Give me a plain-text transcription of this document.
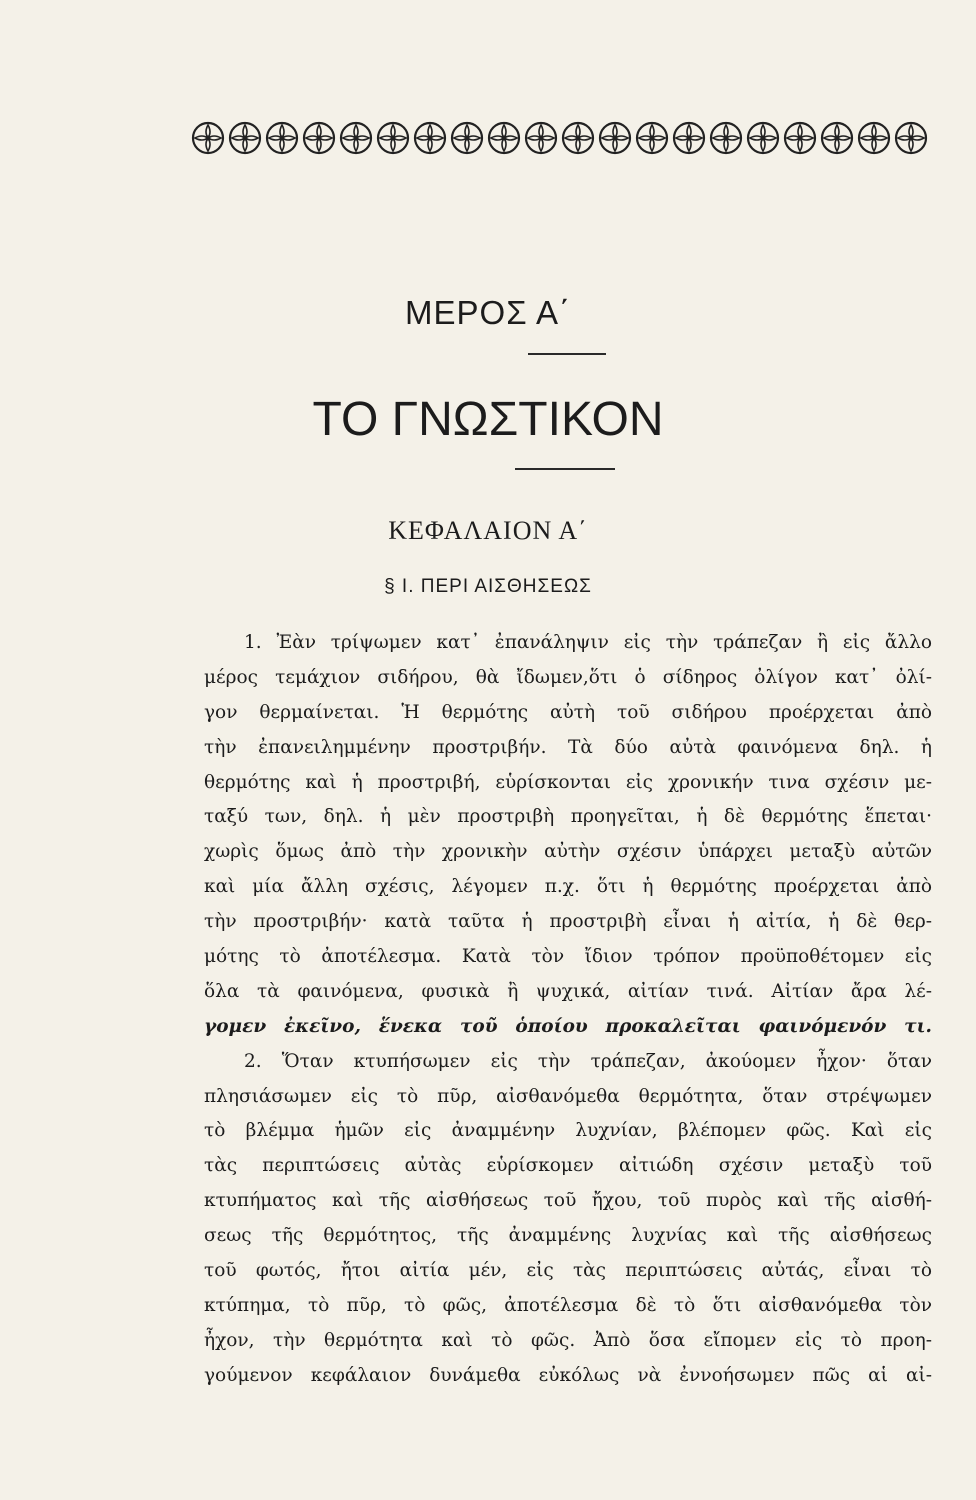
ΜΕΡΟΣ Α΄
ΤΟ ΓΝΩΣΤΙΚΟΝ
ΚΕΦΑΛΑΙΟΝ Α΄
§ Ι. ΠΕΡΙ ΑΙΣΘΗΣΕΩΣ
1. Ἐὰν τρίψωμεν κατ᾿ ἐπανάληψιν εἰς τὴν τράπεζαν ἢ εἰς ἄλλο
μέρος τεμάχιον σιδήρου, θὰ ἴδωμεν,ὅτι ὁ σίδηρος ὀλίγον κατ᾿ ὀλί-
γον θερμαίνεται. Ἡ θερμότης αὐτὴ τοῦ σιδήρου προέρχεται ἀπὸ
τὴν ἐπανειλημμένην προστριβήν. Τὰ δύο αὐτὰ φαινόμενα δηλ. ἡ
θερμότης καὶ ἡ προστριβή, εὑρίσκονται εἰς χρονικήν τινα σχέσιν με-
ταξύ των, δηλ. ἡ μὲν προστριβὴ προηγεῖται, ἡ δὲ θερμότης ἕπεται·
χωρὶς ὅμως ἀπὸ τὴν χρονικὴν αὐτὴν σχέσιν ὑπάρχει μεταξὺ αὐτῶν
καὶ μία ἄλλη σχέσις, λέγομεν π.χ. ὅτι ἡ θερμότης προέρχεται ἀπὸ
τὴν προστριβήν· κατὰ ταῦτα ἡ προστριβὴ εἶναι ἡ αἰτία, ἡ δὲ θερ-
μότης τὸ ἀποτέλεσμα. Κατὰ τὸν ἴδιον τρόπον προϋποθέτομεν εἰς
ὅλα τὰ φαινόμενα, φυσικὰ ἢ ψυχικά, αἰτίαν τινά. Αἰτίαν ἄρα λέ-
γομεν ἐκεῖνο, ἕνεκα τοῦ ὁποίου προκαλεῖται φαινόμενόν τι.
2. Ὅταν κτυπήσωμεν εἰς τὴν τράπεζαν, ἀκούομεν ἦχον· ὅταν
πλησιάσωμεν εἰς τὸ πῦρ, αἰσθανόμεθα θερμότητα, ὅταν στρέψωμεν
τὸ βλέμμα ἡμῶν εἰς ἀναμμένην λυχνίαν, βλέπομεν φῶς. Καὶ εἰς
τὰς περιπτώσεις αὐτὰς εὑρίσκομεν αἰτιώδη σχέσιν μεταξὺ τοῦ
κτυπήματος καὶ τῆς αἰσθήσεως τοῦ ἤχου, τοῦ πυρὸς καὶ τῆς αἰσθή-
σεως τῆς θερμότητος, τῆς ἀναμμένης λυχνίας καὶ τῆς αἰσθήσεως
τοῦ φωτός, ἤτοι αἰτία μέν, εἰς τὰς περιπτώσεις αὐτάς, εἶναι τὸ
κτύπημα, τὸ πῦρ, τὸ φῶς, ἀποτέλεσμα δὲ τὸ ὅτι αἰσθανόμεθα τὸν
ἦχον, τὴν θερμότητα καὶ τὸ φῶς. Ἀπὸ ὅσα εἴπομεν εἰς τὸ προη-
γούμενον κεφάλαιον δυνάμεθα εὐκόλως νὰ ἐννοήσωμεν πῶς αἱ αἰ-
